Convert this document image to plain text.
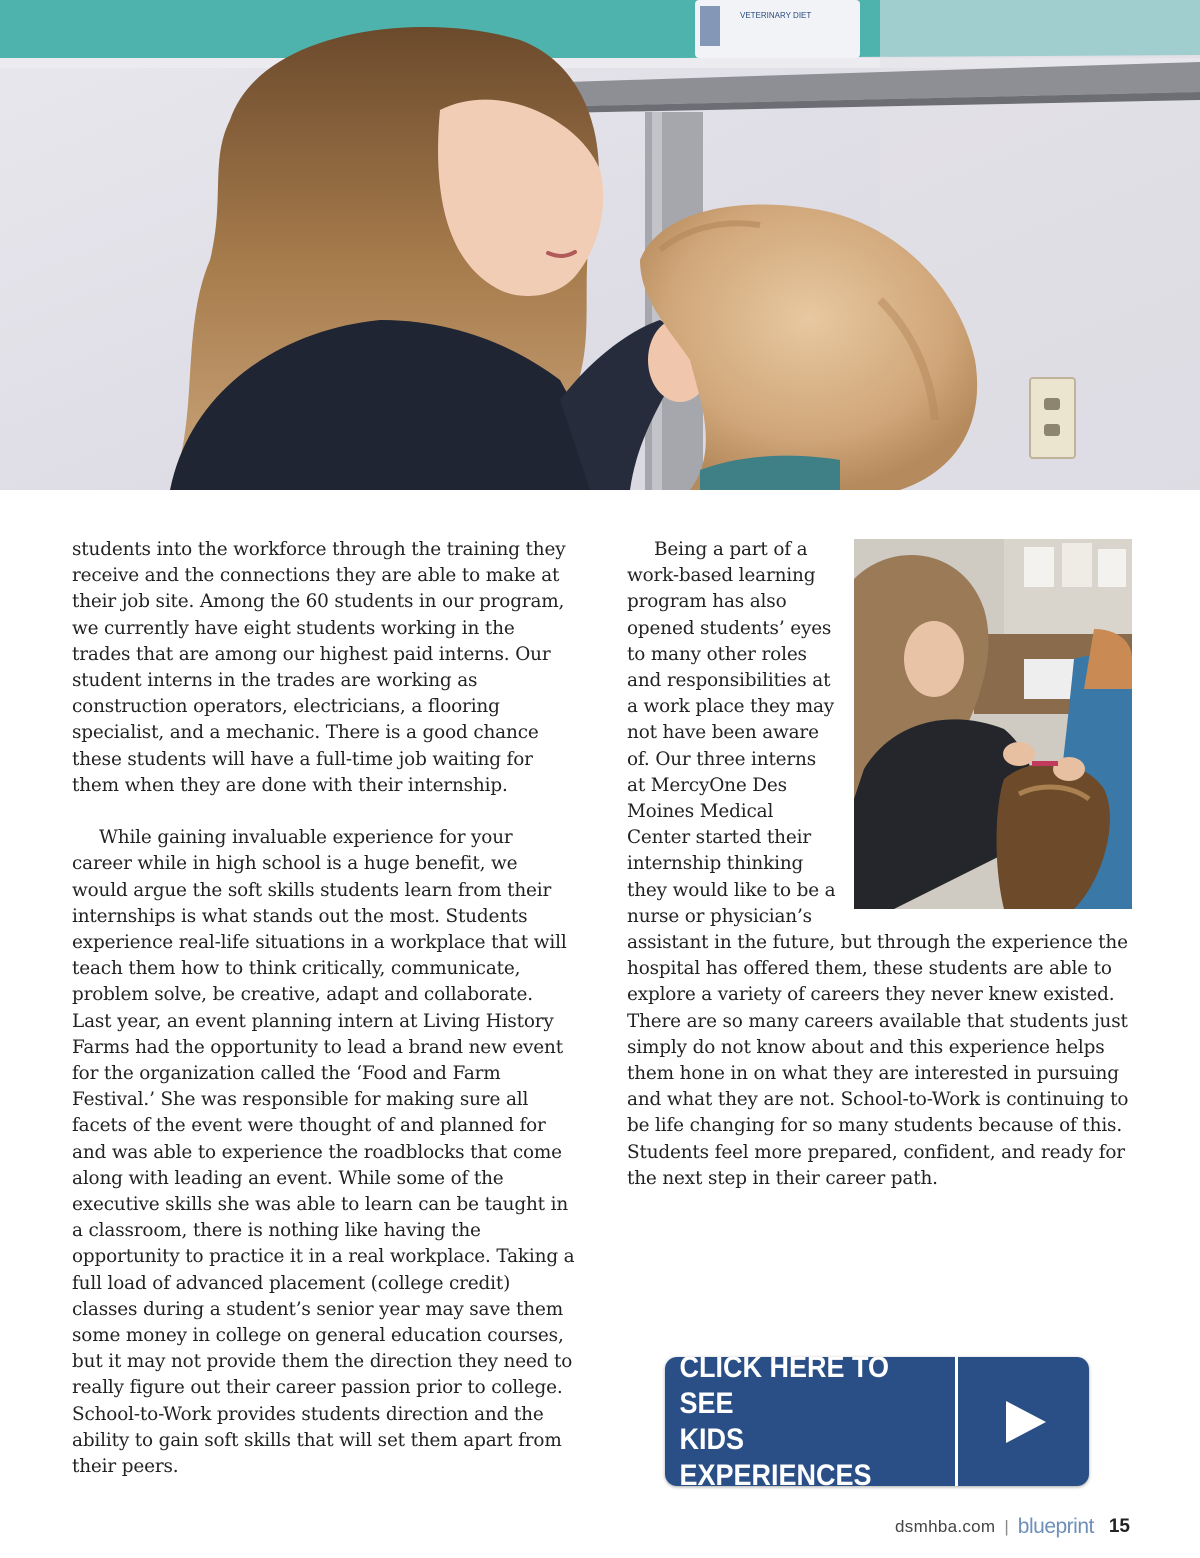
VETERINARY DIET

students into the workforce through the training they receive and the connections they are able to make at their job site. Among the 60 students in our program, we currently have eight students working in the trades that are among our highest paid interns. Our student interns in the trades are working as construction operators, electricians, a flooring specialist, and a mechanic. There is a good chance these students will have a full-time job waiting for them when they are done with their internship.

While gaining invaluable experience for your career while in high school is a huge benefit, we would argue the soft skills students learn from their internships is what stands out the most. Students experience real-life situations in a workplace that will teach them how to think critically, communicate, problem solve, be creative, adapt and collaborate. Last year, an event planning intern at Living History Farms had the opportunity to lead a brand new event for the organization called the ‘Food and Farm Festival.’ She was responsible for making sure all facets of the event were thought of and planned for and was able to experience the roadblocks that come along with leading an event. While some of the executive skills she was able to learn can be taught in a classroom, there is nothing like having the opportunity to practice it in a real workplace. Taking a full load of advanced placement (college credit) classes during a student’s senior year may save them some money in college on general education courses, but it may not provide them the direction they need to really figure out their career passion prior to college. School-to-Work provides students direction and the ability to gain soft skills that will set them apart from their peers.

Being a part of a work-based learning program has also opened students’ eyes to many other roles and responsibilities at a work place they may not have been aware of. Our three interns at MercyOne Des Moines Medical Center started their internship thinking they would like to be a nurse or physician’s assistant in the future, but through the experience the hospital has offered them, these students are able to explore a variety of careers they never knew existed. There are so many careers available that students just simply do not know about and this experience helps them hone in on what they are interested in pursuing and what they are not. School-to-Work is continuing to be life changing for so many students because of this. Students feel more prepared, confident, and ready for the next step in their career path.

CLICK HERE TO SEE
KIDS EXPERIENCES
dsmhba.com | blueprint 15
